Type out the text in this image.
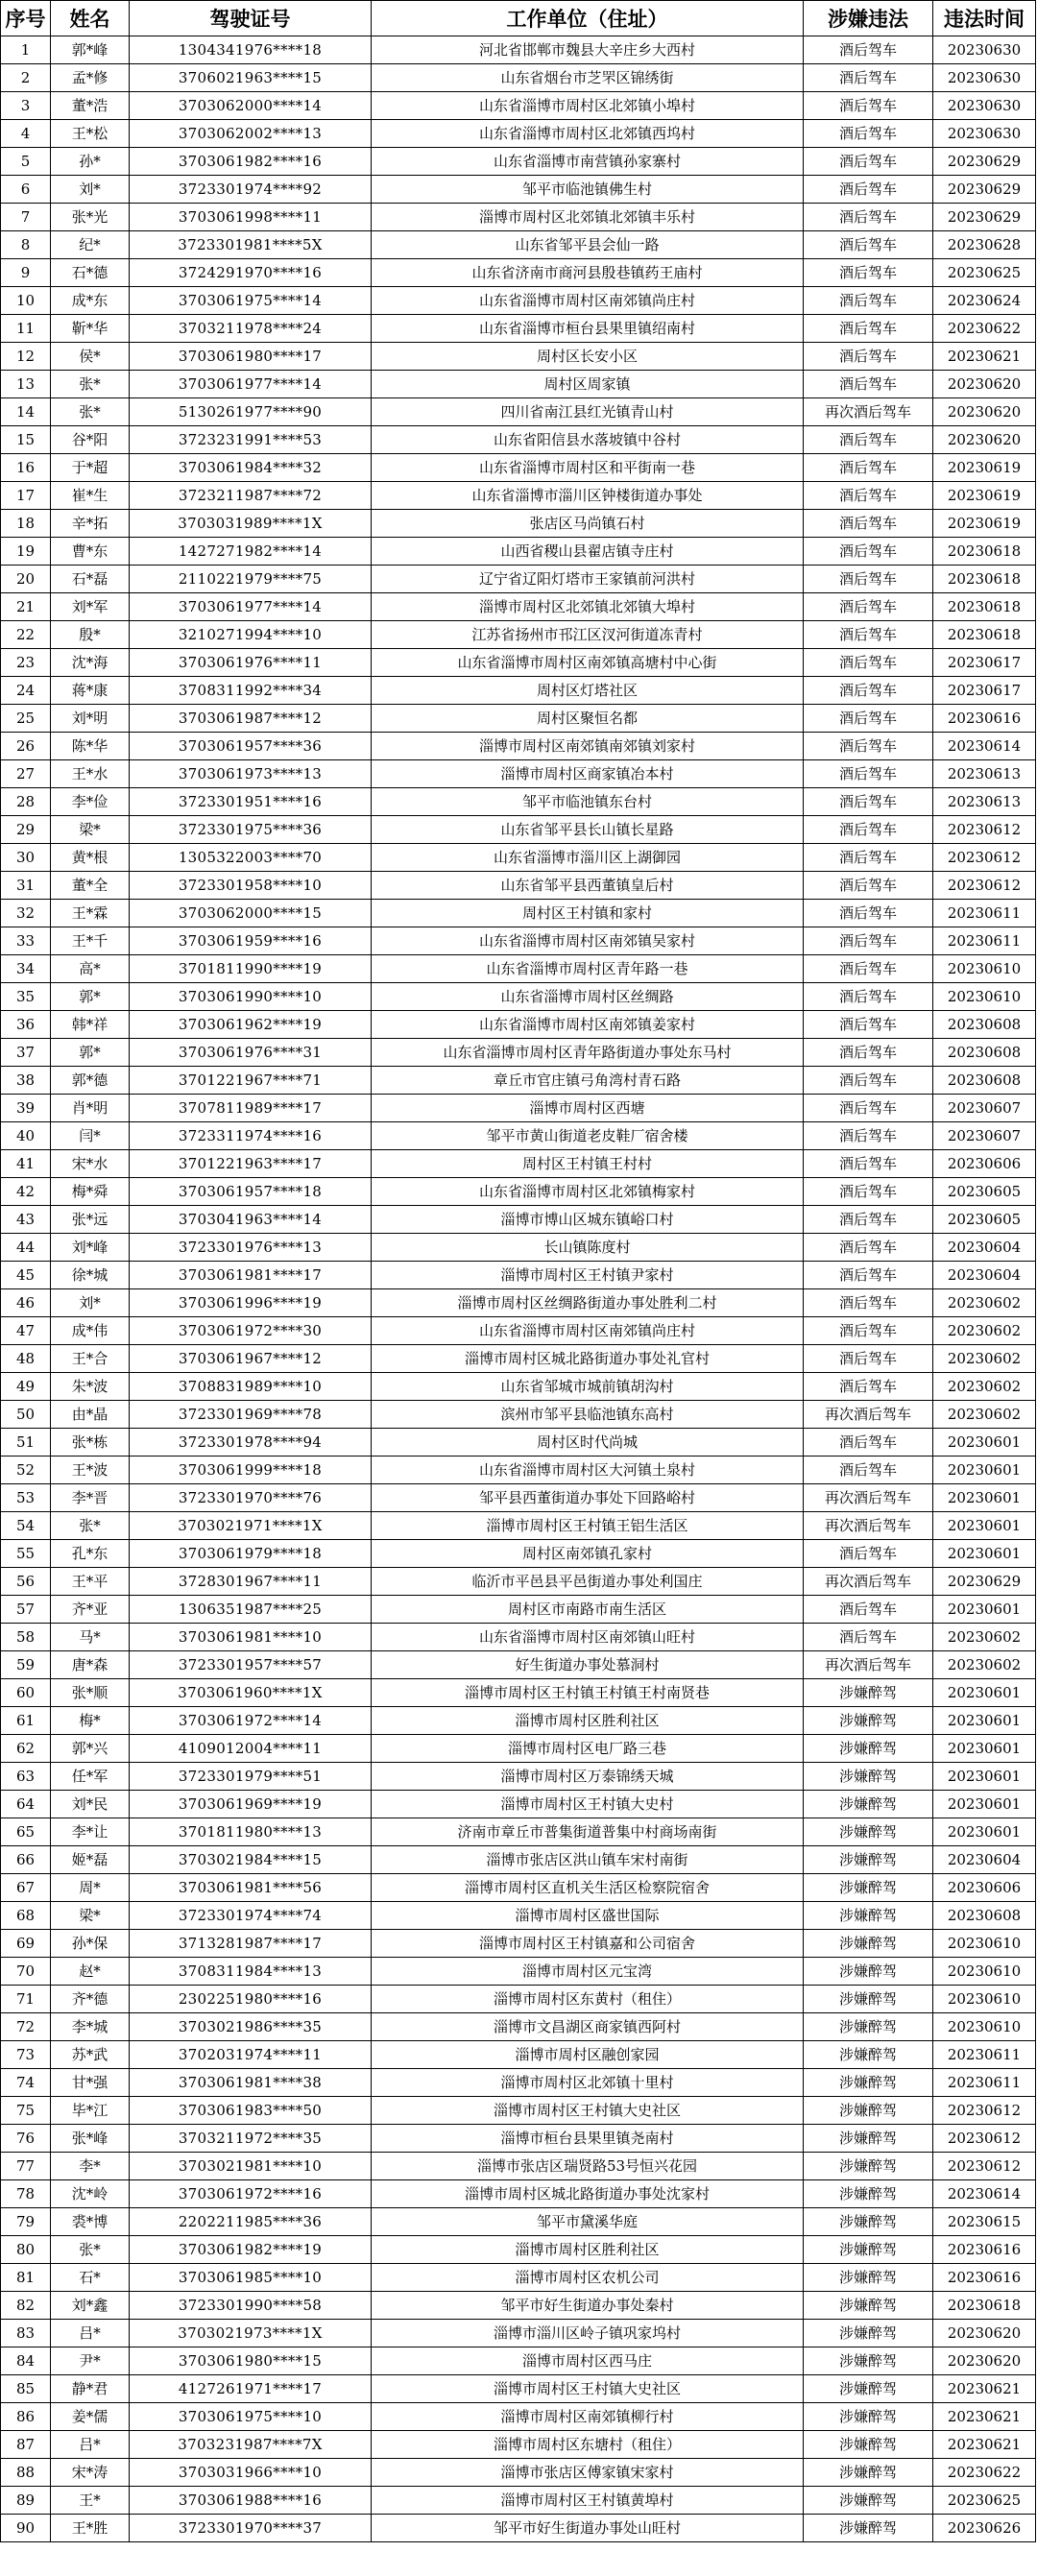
序号	姓名	驾驶证号	工作单位（住址）	涉嫌违法	违法时间
1	郭*峰	1304341976****18	河北省邯郸市魏县大辛庄乡大西村	酒后驾车	20230630
2	孟*修	3706021963****15	山东省烟台市芝罘区锦绣街	酒后驾车	20230630
3	董*浩	3703062000****14	山东省淄博市周村区北郊镇小埠村	酒后驾车	20230630
4	王*松	3703062002****13	山东省淄博市周村区北郊镇西坞村	酒后驾车	20230630
5	孙*	3703061982****16	山东省淄博市南营镇孙家寨村	酒后驾车	20230629
6	刘*	3723301974****92	邹平市临池镇佛生村	酒后驾车	20230629
7	张*光	3703061998****11	淄博市周村区北郊镇北郊镇丰乐村	酒后驾车	20230629
8	纪*	3723301981****5X	山东省邹平县会仙一路	酒后驾车	20230628
9	石*德	3724291970****16	山东省济南市商河县殷巷镇药王庙村	酒后驾车	20230625
10	成*东	3703061975****14	山东省淄博市周村区南郊镇尚庄村	酒后驾车	20230624
11	靳*华	3703211978****24	山东省淄博市桓台县果里镇绍南村	酒后驾车	20230622
12	侯*	3703061980****17	周村区长安小区	酒后驾车	20230621
13	张*	3703061977****14	周村区周家镇	酒后驾车	20230620
14	张*	5130261977****90	四川省南江县红光镇青山村	再次酒后驾车	20230620
15	谷*阳	3723231991****53	山东省阳信县水落坡镇中谷村	酒后驾车	20230620
16	于*超	3703061984****32	山东省淄博市周村区和平街南一巷	酒后驾车	20230619
17	崔*生	3723211987****72	山东省淄博市淄川区钟楼街道办事处	酒后驾车	20230619
18	辛*拓	3703031989****1X	张店区马尚镇石村	酒后驾车	20230619
19	曹*东	1427271982****14	山西省稷山县翟店镇寺庄村	酒后驾车	20230618
20	石*磊	2110221979****75	辽宁省辽阳灯塔市王家镇前河洪村	酒后驾车	20230618
21	刘*军	3703061977****14	淄博市周村区北郊镇北郊镇大埠村	酒后驾车	20230618
22	殷*	3210271994****10	江苏省扬州市邗江区汊河街道冻青村	酒后驾车	20230618
23	沈*海	3703061976****11	山东省淄博市周村区南郊镇高塘村中心街	酒后驾车	20230617
24	蒋*康	3708311992****34	周村区灯塔社区	酒后驾车	20230617
25	刘*明	3703061987****12	周村区聚恒名都	酒后驾车	20230616
26	陈*华	3703061957****36	淄博市周村区南郊镇南郊镇刘家村	酒后驾车	20230614
27	王*水	3703061973****13	淄博市周村区商家镇冶本村	酒后驾车	20230613
28	李*俭	3723301951****16	邹平市临池镇东台村	酒后驾车	20230613
29	梁*	3723301975****36	山东省邹平县长山镇长星路	酒后驾车	20230612
30	黄*根	1305322003****70	山东省淄博市淄川区上湖御园	酒后驾车	20230612
31	董*全	3723301958****10	山东省邹平县西董镇皇后村	酒后驾车	20230612
32	王*霖	3703062000****15	周村区王村镇和家村	酒后驾车	20230611
33	王*千	3703061959****16	山东省淄博市周村区南郊镇吴家村	酒后驾车	20230611
34	高*	3701811990****19	山东省淄博市周村区青年路一巷	酒后驾车	20230610
35	郭*	3703061990****10	山东省淄博市周村区丝绸路	酒后驾车	20230610
36	韩*祥	3703061962****19	山东省淄博市周村区南郊镇姜家村	酒后驾车	20230608
37	郭*	3703061976****31	山东省淄博市周村区青年路街道办事处东马村	酒后驾车	20230608
38	郭*德	3701221967****71	章丘市官庄镇弓角湾村青石路	酒后驾车	20230608
39	肖*明	3707811989****17	淄博市周村区西塘	酒后驾车	20230607
40	闫*	3723311974****16	邹平市黄山街道老皮鞋厂宿舍楼	酒后驾车	20230607
41	宋*水	3701221963****17	周村区王村镇王村村	酒后驾车	20230606
42	梅*舜	3703061957****18	山东省淄博市周村区北郊镇梅家村	酒后驾车	20230605
43	张*远	3703041963****14	淄博市博山区城东镇峪口村	酒后驾车	20230605
44	刘*峰	3723301976****13	长山镇陈度村	酒后驾车	20230604
45	徐*城	3703061981****17	淄博市周村区王村镇尹家村	酒后驾车	20230604
46	刘*	3703061996****19	淄博市周村区丝绸路街道办事处胜利二村	酒后驾车	20230602
47	成*伟	3703061972****30	山东省淄博市周村区南郊镇尚庄村	酒后驾车	20230602
48	王*合	3703061967****12	淄博市周村区城北路街道办事处礼官村	酒后驾车	20230602
49	朱*波	3708831989****10	山东省邹城市城前镇胡沟村	酒后驾车	20230602
50	由*晶	3723301969****78	滨州市邹平县临池镇东高村	再次酒后驾车	20230602
51	张*栋	3723301978****94	周村区时代尚城	酒后驾车	20230601
52	王*波	3703061999****18	山东省淄博市周村区大河镇土泉村	酒后驾车	20230601
53	李*晋	3723301970****76	邹平县西董街道办事处下回路峪村	再次酒后驾车	20230601
54	张*	3703021971****1X	淄博市周村区王村镇王铝生活区	再次酒后驾车	20230601
55	孔*东	3703061979****18	周村区南郊镇孔家村	酒后驾车	20230601
56	王*平	3728301967****11	临沂市平邑县平邑街道办事处利国庄	再次酒后驾车	20230629
57	齐*亚	1306351987****25	周村区市南路市南生活区	酒后驾车	20230601
58	马*	3703061981****10	山东省淄博市周村区南郊镇山旺村	酒后驾车	20230602
59	唐*森	3723301957****57	好生街道办事处慕洞村	再次酒后驾车	20230602
60	张*顺	3703061960****1X	淄博市周村区王村镇王村镇王村南贤巷	涉嫌醉驾	20230601
61	梅*	3703061972****14	淄博市周村区胜利社区	涉嫌醉驾	20230601
62	郭*兴	4109012004****11	淄博市周村区电厂路三巷	涉嫌醉驾	20230601
63	任*军	3723301979****51	淄博市周村区万泰锦绣天城	涉嫌醉驾	20230601
64	刘*民	3703061969****19	淄博市周村区王村镇大史村	涉嫌醉驾	20230601
65	李*让	3701811980****13	济南市章丘市普集街道普集中村商场南街	涉嫌醉驾	20230601
66	姬*磊	3703021984****15	淄博市张店区洪山镇车宋村南街	涉嫌醉驾	20230604
67	周*	3703061981****56	淄博市周村区直机关生活区检察院宿舍	涉嫌醉驾	20230606
68	梁*	3723301974****74	淄博市周村区盛世国际	涉嫌醉驾	20230608
69	孙*保	3713281987****17	淄博市周村区王村镇嘉和公司宿舍	涉嫌醉驾	20230610
70	赵*	3708311984****13	淄博市周村区元宝湾	涉嫌醉驾	20230610
71	齐*德	2302251980****16	淄博市周村区东黄村（租住）	涉嫌醉驾	20230610
72	李*城	3703021986****35	淄博市文昌湖区商家镇西阿村	涉嫌醉驾	20230610
73	苏*武	3702031974****11	淄博市周村区融创家园	涉嫌醉驾	20230611
74	甘*强	3703061981****38	淄博市周村区北郊镇十里村	涉嫌醉驾	20230611
75	毕*江	3703061983****50	淄博市周村区王村镇大史社区	涉嫌醉驾	20230612
76	张*峰	3703211972****35	淄博市桓台县果里镇尧南村	涉嫌醉驾	20230612
77	李*	3703021981****10	淄博市张店区瑞贤路53号恒兴花园	涉嫌醉驾	20230612
78	沈*岭	3703061972****16	淄博市周村区城北路街道办事处沈家村	涉嫌醉驾	20230614
79	裘*博	2202211985****36	邹平市黛溪华庭	涉嫌醉驾	20230615
80	张*	3703061982****19	淄博市周村区胜利社区	涉嫌醉驾	20230616
81	石*	3703061985****10	淄博市周村区农机公司	涉嫌醉驾	20230616
82	刘*鑫	3723301990****58	邹平市好生街道办事处秦村	涉嫌醉驾	20230618
83	吕*	3703021973****1X	淄博市淄川区岭子镇巩家坞村	涉嫌醉驾	20230620
84	尹*	3703061980****15	淄博市周村区西马庄	涉嫌醉驾	20230620
85	静*君	4127261971****17	淄博市周村区王村镇大史社区	涉嫌醉驾	20230621
86	姜*儒	3703061975****10	淄博市周村区南郊镇柳行村	涉嫌醉驾	20230621
87	吕*	3703231987****7X	淄博市周村区东塘村（租住）	涉嫌醉驾	20230621
88	宋*涛	3703031966****10	淄博市张店区傅家镇宋家村	涉嫌醉驾	20230622
89	王*	3703061988****16	淄博市周村区王村镇黄埠村	涉嫌醉驾	20230625
90	王*胜	3723301970****37	邹平市好生街道办事处山旺村	涉嫌醉驾	20230626
